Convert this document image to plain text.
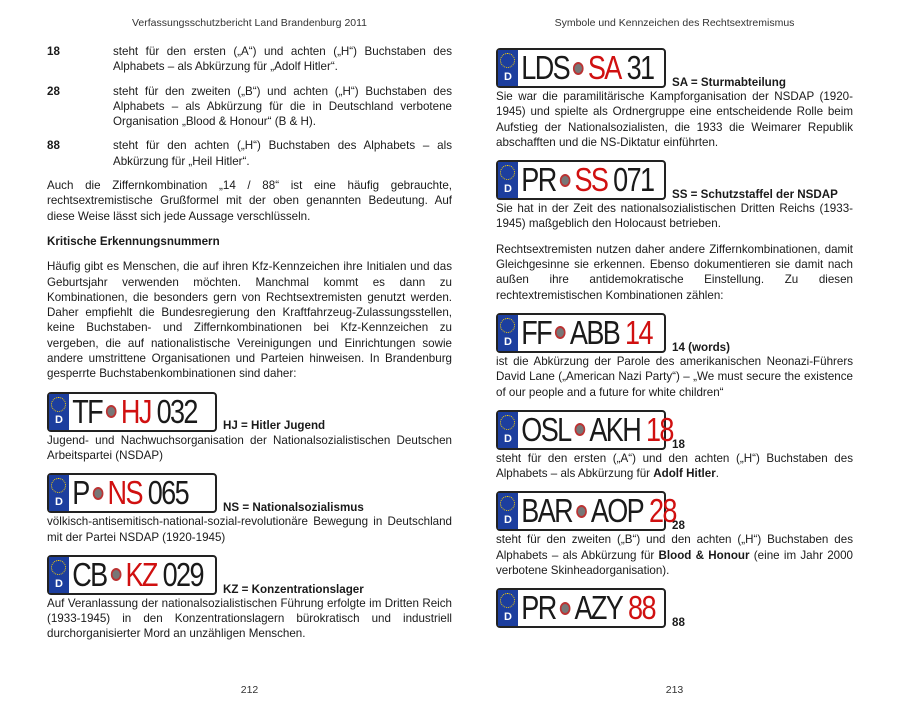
Verfassungsschutzbericht Land Brandenburg 2011
18	steht für den ersten („A“) und achten („H“) Buchstaben des Alphabets – als Abkürzung für „Adolf Hitler“.
28	steht für den zweiten („B“) und achten („H“) Buchstaben des Alphabets – als Abkürzung für die in Deutschland verbotene Organisation „Blood & Honour“ (B & H).
88	steht für den achten („H“) Buchstaben des Alphabets – als Abkürzung für „Heil Hitler“.

Auch die Ziffernkombination „14 / 88“ ist eine häufig gebrauchte, rechtsextremistische Grußformel mit der oben genannten Bedeutung. Auf diese Weise lässt sich jede Aussage verschlüsseln.

Kritische Erkennungsnummern

Häufig gibt es Menschen, die auf ihren Kfz-Kennzeichen ihre Initialen und das Geburtsjahr verwenden möchten. Manchmal kommt es dann zu Kombinationen, die besonders gern von Rechtsextremisten genutzt werden. Daher empfiehlt die Bundesregierung den Kraftfahrzeug-Zulassungsstellen, keine Buchstaben- und Ziffernkombinationen bei Kfz-Kennzeichen zu vergeben, die auf nationalistische Vereinigungen und Einrichtungen sowie andere umstrittene Organisationen und Parteien hinweisen. In Brandenburg gesperrte Buchstabenkombinationen sind daher:

D TF HJ
032 HJ = Hitler Jugend

Jugend- und Nachwuchsorganisation der Nationalsozialistischen Deutschen Arbeitspartei (NSDAP)

D P NS
065	NS = Nationalsozialismus

völkisch-antisemitisch-national-sozial-revolutionäre Bewegung in Deutschland mit der Partei NSDAP (1920-1945)

D CB KZ
029 KZ = Konzentrationslager

Auf Veranlassung der nationalsozialistischen Führung erfolgte im Dritten Reich (1933-1945) in den Konzentrationslagern bürokratisch und industriell durchorganisierter Mord an unzähligen Menschen.

212
Symbole und Kennzeichen des Rechtsextremismus
D LDS SA
31 SA = Sturmabteilung

Sie war die paramilitärische Kampforganisation der NSDAP (1920-1945) und spielte als Ordnergruppe eine entscheidende Rolle beim Aufstieg der Nationalsozialisten, die 1933 die Weimarer Republik abschafften und die NS-Diktatur einführten.

D PR SS
071 SS = Schutzstaffel der NSDAP

Sie hat in der Zeit des nationalsozialistischen Dritten Reichs (1933-1945) maßgeblich den Holocaust betrieben.

Rechtsextremisten nutzen daher andere Ziffernkombinationen, damit Gleichgesinne sie erkennen. Ebenso dokumentieren sie damit nach außen ihre antidemokratische Einstellung. Zu diesen rechtextremistischen Kombinationen zählen:

D FF ABB
14 14 (words)

ist die Abkürzung der Parole des amerikanischen Neonazi-Führers David Lane („American Nazi Party“) – „We must secure the existence of our people and a future for white children“

D OSL AKH
18 18

steht für den ersten („A“) und den achten („H“) Buchstaben des Alphabets – als Abkürzung für Adolf Hitler.

D BAR AOP
28
28

steht für den zweiten („B“) und den achten („H“) Buchstaben des Alphabets – als Abkürzung für Blood & Honour (eine im Jahr 2000 verbotene Skinheadorganisation).

D PR AZY
88 88
213
